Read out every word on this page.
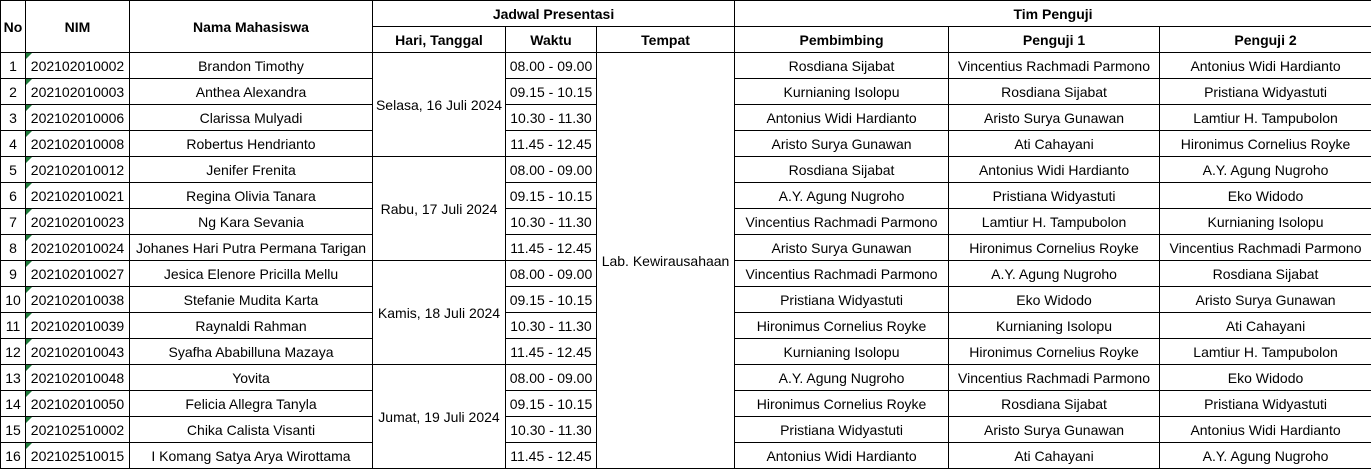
No	NIM	Nama Mahasiswa	Jadwal Presentasi			Tim Penguji		
			Hari, Tanggal	Waktu	Tempat	Pembimbing	Penguji 1	Penguji 2
1	202102010002	Brandon Timothy	Selasa, 16 Juli 2024	08.00 - 09.00	Lab. Kewirausahaan	Rosdiana Sijabat	Vincentius Rachmadi Parmono	Antonius Widi Hardianto
2	202102010003	Anthea Alexandra		09.15 - 10.15		Kurnianing Isolopu	Rosdiana Sijabat	Pristiana Widyastuti
3	202102010006	Clarissa Mulyadi		10.30 - 11.30		Antonius Widi Hardianto	Aristo Surya Gunawan	Lamtiur H. Tampubolon
4	202102010008	Robertus Hendrianto		11.45 - 12.45		Aristo Surya Gunawan	Ati Cahayani	Hironimus Cornelius Royke
5	202102010012	Jenifer Frenita	Rabu, 17 Juli 2024	08.00 - 09.00		Rosdiana Sijabat	Antonius Widi Hardianto	A.Y. Agung Nugroho
6	202102010021	Regina Olivia Tanara		09.15 - 10.15		A.Y. Agung Nugroho	Pristiana Widyastuti	Eko Widodo
7	202102010023	Ng Kara Sevania		10.30 - 11.30		Vincentius Rachmadi Parmono	Lamtiur H. Tampubolon	Kurnianing Isolopu
8	202102010024	Johanes Hari Putra Permana Tarigan		11.45 - 12.45		Aristo Surya Gunawan	Hironimus Cornelius Royke	Vincentius Rachmadi Parmono
9	202102010027	Jesica Elenore Pricilla Mellu	Kamis, 18 Juli 2024	08.00 - 09.00		Vincentius Rachmadi Parmono	A.Y. Agung Nugroho	Rosdiana Sijabat
10	202102010038	Stefanie Mudita Karta		09.15 - 10.15		Pristiana Widyastuti	Eko Widodo	Aristo Surya Gunawan
11	202102010039	Raynaldi Rahman		10.30 - 11.30		Hironimus Cornelius Royke	Kurnianing Isolopu	Ati Cahayani
12	202102010043	Syafha Ababilluna Mazaya		11.45 - 12.45		Kurnianing Isolopu	Hironimus Cornelius Royke	Lamtiur H. Tampubolon
13	202102010048	Yovita	Jumat, 19 Juli 2024	08.00 - 09.00		A.Y. Agung Nugroho	Vincentius Rachmadi Parmono	Eko Widodo
14	202102010050	Felicia Allegra Tanyla		09.15 - 10.15		Hironimus Cornelius Royke	Rosdiana Sijabat	Pristiana Widyastuti
15	202102510002	Chika Calista Visanti		10.30 - 11.30		Pristiana Widyastuti	Aristo Surya Gunawan	Antonius Widi Hardianto
16	202102510015	I Komang Satya Arya Wirottama		11.45 - 12.45		Antonius Widi Hardianto	Ati Cahayani	A.Y. Agung Nugroho
